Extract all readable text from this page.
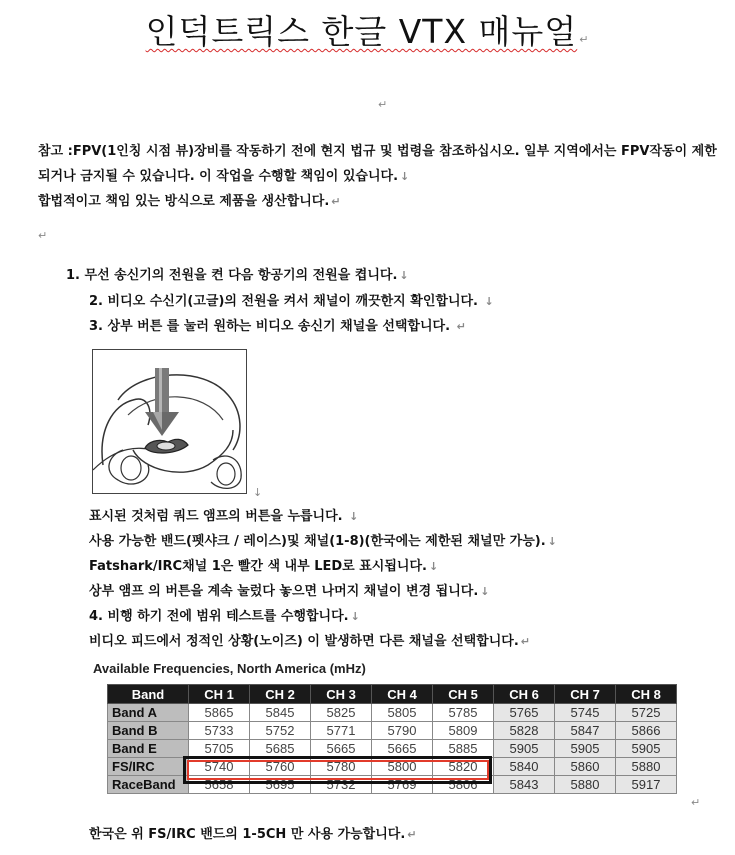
인덕트릭스 한글 VTX 매뉴얼 ↵
↵
참고 :FPV(1인칭 시점 뷰)장비를 작동하기 전에 현지 법규 및 법령을 참조하십시오. 일부 지역에서는 FPV작동이 제한되거나 금지될 수 있습니다. 이 작업을 수행할 책임이 있습니다. ↓
합법적이고 책임 있는 방식으로 제품을 생산합니다. ↵
↵
1. 무선 송신기의 전원을 켠 다음 항공기의 전원을 켭니다. ↓
2. 비디오 수신기(고글)의 전원을 켜서 채널이 깨끗한지 확인합니다. ↓
3. 상부 버튼 를 눌러 원하는 비디오 송신기 채널을 선택합니다. ↵
↓
표시된 것처럼 쿼드 앰프의 버튼을 누릅니다. ↓
사용 가능한 밴드(펫샤크 / 레이스)및 채널(1-8)(한국에는 제한된 채널만 가능). ↓
Fatshark/IRC채널 1은 빨간 색 내부 LED로 표시됩니다. ↓
상부 앰프 의 버튼을 계속 눌렀다 놓으면 나머지 채널이 변경 됩니다. ↓
4. 비행 하기 전에 범위 테스트를 수행합니다. ↓
비디오 피드에서 정적인 상황(노이즈) 이 발생하면 다른 채널을 선택합니다. ↵
Available Frequencies, North America (mHz)
Band	CH 1	CH 2	CH 3	CH 4	CH 5	CH 6	CH 7	CH 8
Band A	5865	5845	5825	5805	5785	5765	5745	5725
Band B	5733	5752	5771	5790	5809	5828	5847	5866
Band E	5705	5685	5665	5665	5885	5905	5905	5905
FS/IRC	5740	5760	5780	5800	5820	5840	5860	5880
RaceBand	5658	5695	5732	5769	5806	5843	5880	5917
↵
한국은 위 FS/IRC 밴드의 1-5CH 만 사용 가능합니다. ↵
